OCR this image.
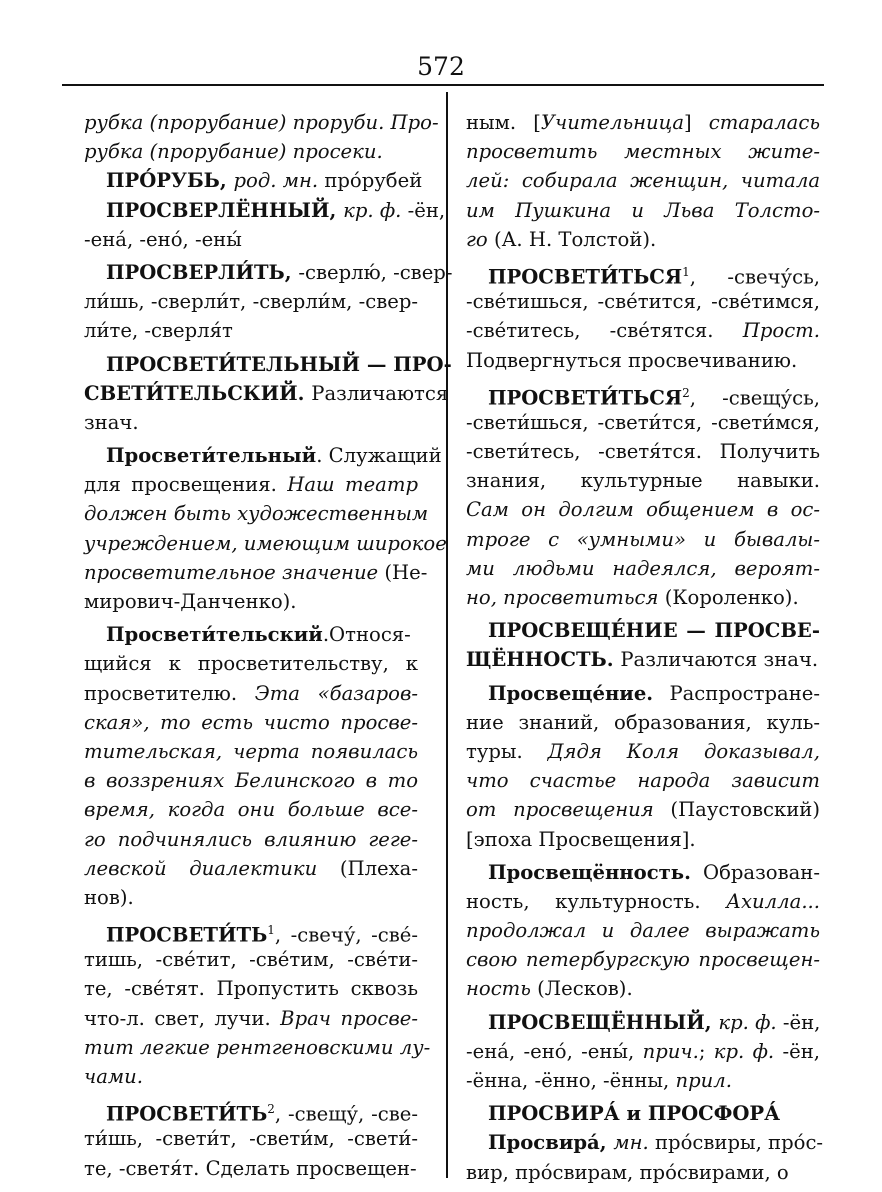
572
рубка (прорубание) проруби. Про-
рубка (прорубание) просеки.
ПРО́РУБЬ, род. мн. про́рубей
ПРОСВЕРЛЁННЫЙ, кр. ф. -ён,
-ена́, -ено́, -ены́
ПРОСВЕРЛИ́ТЬ, -сверлю́, -свер-
ли́шь, -сверли́т, -сверли́м, -свер-
ли́те, -сверля́т
ПРОСВЕТИ́ТЕЛЬНЫЙ — ПРО-
СВЕТИ́ТЕЛЬСКИЙ. Различаются
знач.
Просвети́тельный. Служащий
для просвещения. Наш театр
должен быть художественным
учреждением, имеющим широкое
просветительное значение (Не-
мирович-Данченко).
Просвети́тельский.Относя-
щийся к просветительству, к
просветителю. Эта «базаров-
ская», то есть чисто просве-
тительская, черта появилась
в воззрениях Белинского в то
время, когда они больше все-
го подчинялись влиянию геге-
левской диалектики (Плеха-
нов).
$ПРОСВЕТИ́ТЬ^1$, -свечу́, -све́-
тишь, -све́тит, -све́тим, -све́ти-
те, -све́тят. Пропустить сквозь
что-л. свет, лучи. Врач просве-
тит легкие рентгеновскими лу-
чами.
$ПРОСВЕТИ́ТЬ^2$, -свещу́, -све-
ти́шь, -свети́т, -свети́м, -свети́-
те, -светя́т. Сделать просвещен-
ным. [Учительница] старалась
просветить местных жите-
лей: собирала женщин, читала
им Пушкина и Льва Толсто-
го (А. Н. Толстой).
ПРОСВЕТИ́ТЬСЯ$^1$, -свечу́сь,
-све́тишься, -све́тится, -све́тимся,
-све́титесь, -све́тятся. Прост.
Подвергнуться просвечиванию.
ПРОСВЕТИ́ТЬСЯ$^2$, -свещу́сь,
-свети́шься, -свети́тся, -свети́мся,
-свети́тесь, -светя́тся. Получить
знания, культурные навыки.
Сам он долгим общением в ос-
троге с «умными» и бывалы-
ми людьми надеялся, вероят-
но, просветиться (Короленко).
ПРОСВЕЩЕ́НИЕ — ПРОСВЕ-
ЩЁННОСТЬ. Различаются знач.
Просвеще́ние. Распростране-
ние знаний, образования, куль-
туры. Дядя Коля доказывал,
что счастье народа зависит
от просвещения (Паустовский)
[эпоха Просвещения].
Просвещённость. Образован-
ность, культурность. Ахилла...
продолжал и далее выражать
свою петербургскую просвещен-
ность (Лесков).
ПРОСВЕЩЁННЫЙ, кр. ф. -ён,
-ена́, -ено́, -ены́, прич.; кр. ф. -ён,
-ённа, -ённо, -ённы, прил.
ПРОСВИРА́ и ПРОСФОРА́
Просвира́, мн. про́свиры, про́с-
вир, про́свирам, про́свирами, о
